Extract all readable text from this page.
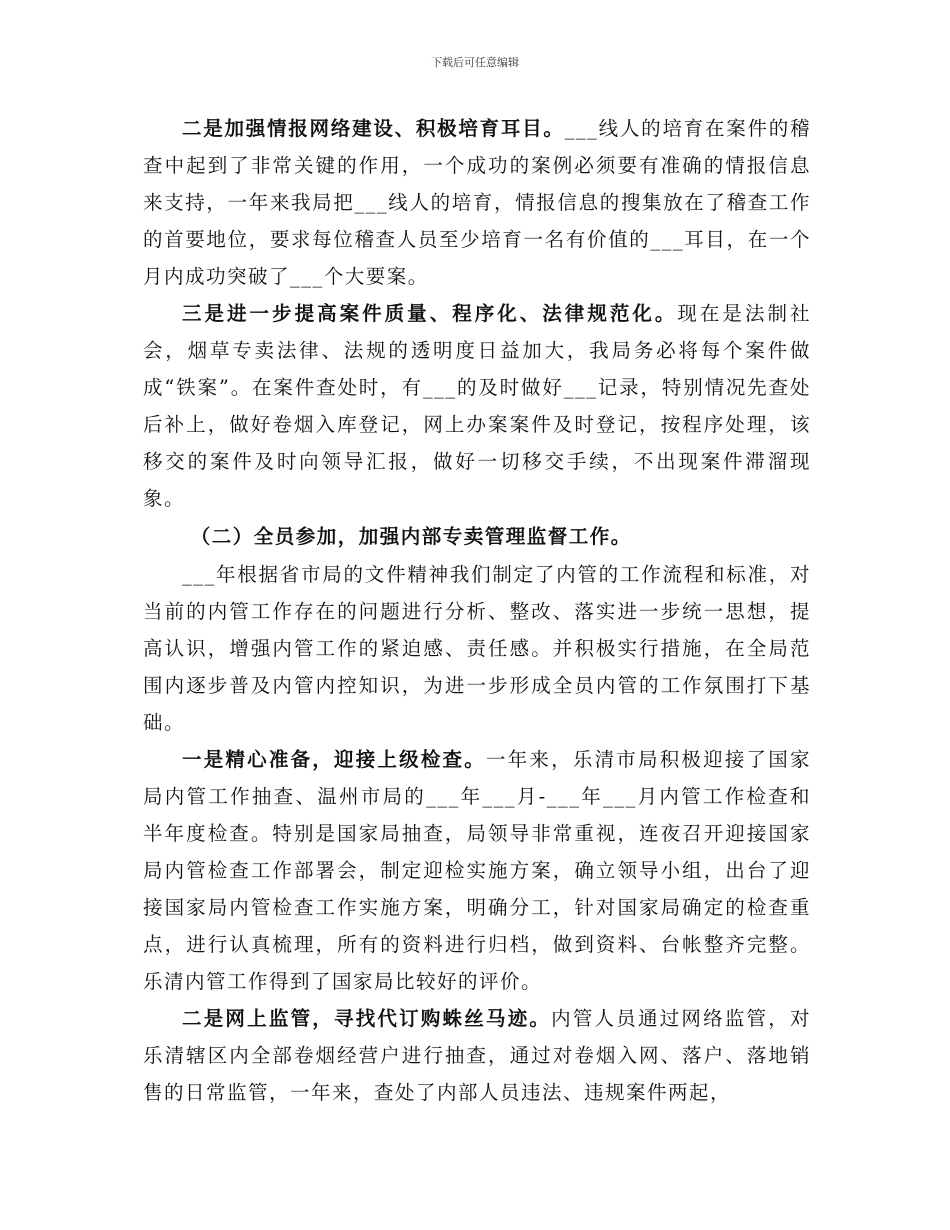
下载后可任意编辑

二是加强情报网络建设、积极培育耳目。___线人的培育在案件的稽查中起到了非常关键的作用，一个成功的案例必须要有准确的情报信息来支持，一年来我局把___线人的培育，情报信息的搜集放在了稽查工作的首要地位，要求每位稽查人员至少培育一名有价值的___耳目，在一个月内成功突破了___个大要案。

三是进一步提高案件质量、程序化、法律规范化。现在是法制社会，烟草专卖法律、法规的透明度日益加大，我局务必将每个案件做成“铁案”。在案件查处时，有___的及时做好___记录，特别情况先查处后补上，做好卷烟入库登记，网上办案案件及时登记，按程序处理，该移交的案件及时向领导汇报，做好一切移交手续，不出现案件滞溜现象。

（二）全员参加，加强内部专卖管理监督工作。

___年根据省市局的文件精神我们制定了内管的工作流程和标准，对当前的内管工作存在的问题进行分析、整改、落实进一步统一思想，提高认识，增强内管工作的紧迫感、责任感。并积极实行措施，在全局范围内逐步普及内管内控知识，为进一步形成全员内管的工作氛围打下基础。

一是精心准备，迎接上级检查。一年来，乐清市局积极迎接了国家局内管工作抽查、温州市局的___年___月-___年___月内管工作检查和半年度检查。特别是国家局抽查，局领导非常重视，连夜召开迎接国家局内管检查工作部署会，制定迎检实施方案，确立领导小组，出台了迎接国家局内管检查工作实施方案，明确分工，针对国家局确定的检查重点，进行认真梳理，所有的资料进行归档，做到资料、台帐整齐完整。乐清内管工作得到了国家局比较好的评价。

二是网上监管，寻找代订购蛛丝马迹。内管人员通过网络监管，对乐清辖区内全部卷烟经营户进行抽查，通过对卷烟入网、落户、落地销售的日常监管，一年来，查处了内部人员违法、违规案件两起，
